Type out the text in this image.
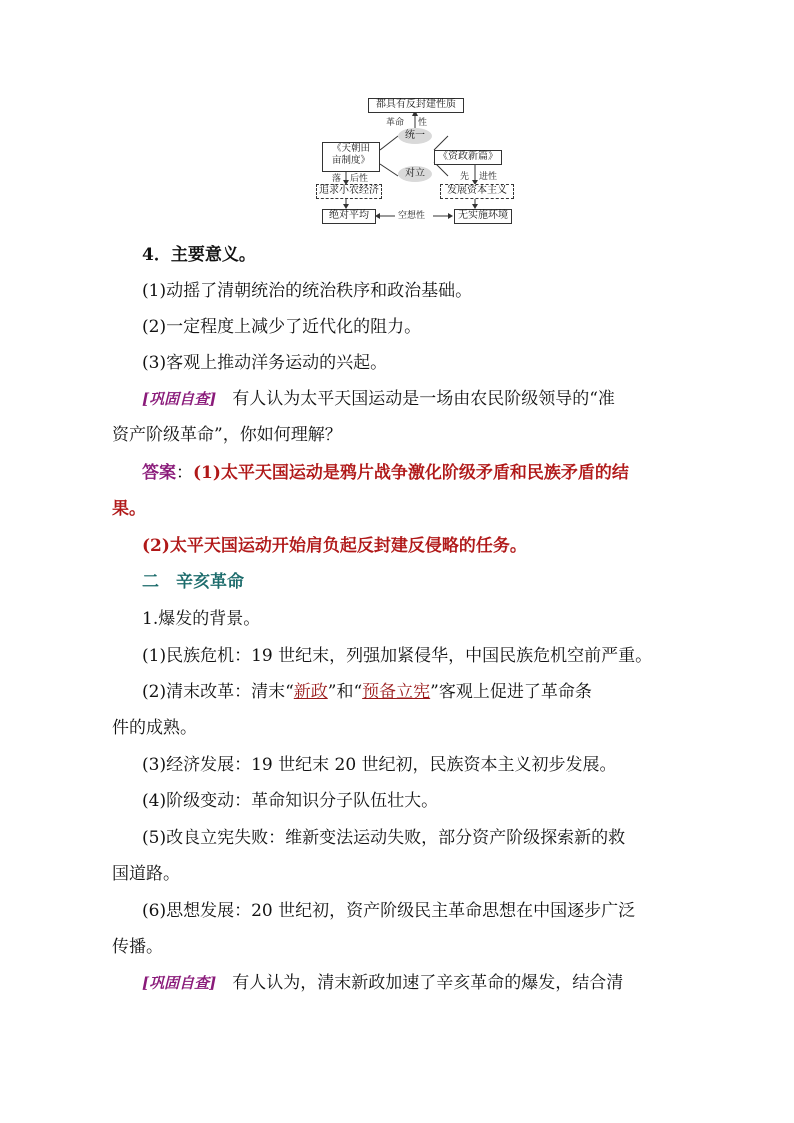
都具有反封建性质
革命 性
统一
对立
《天朝田
亩制度》	《资政新篇》
落 后性	先 进性
追求小农经济	发展资本主义
绝对平均	空想性	无实施环境
4．主要意义。
(1)动摇了清朝统治的统治秩序和政治基础。
(2)一定程度上减少了近代化的阻力。
(3)客观上推动洋务运动的兴起。
[巩固自查] 有人认为太平天国运动是一场由农民阶级领导的“准
资产阶级革命”，你如何理解？
答案：(1)太平天国运动是鸦片战争激化阶级矛盾和民族矛盾的结
果。
(2)太平天国运动开始肩负起反封建反侵略的任务。
二　辛亥革命
1.爆发的背景。
(1)民族危机：19 世纪末，列强加紧侵华，中国民族危机空前严重。
(2)清末改革：清末“新政”和“预备立宪”客观上促进了革命条
件的成熟。
(3)经济发展：19 世纪末 20 世纪初，民族资本主义初步发展。
(4)阶级变动：革命知识分子队伍壮大。
(5)改良立宪失败：维新变法运动失败，部分资产阶级探索新的救
国道路。
(6)思想发展：20 世纪初，资产阶级民主革命思想在中国逐步广泛
传播。
[巩固自查] 有人认为，清末新政加速了辛亥革命的爆发，结合清
